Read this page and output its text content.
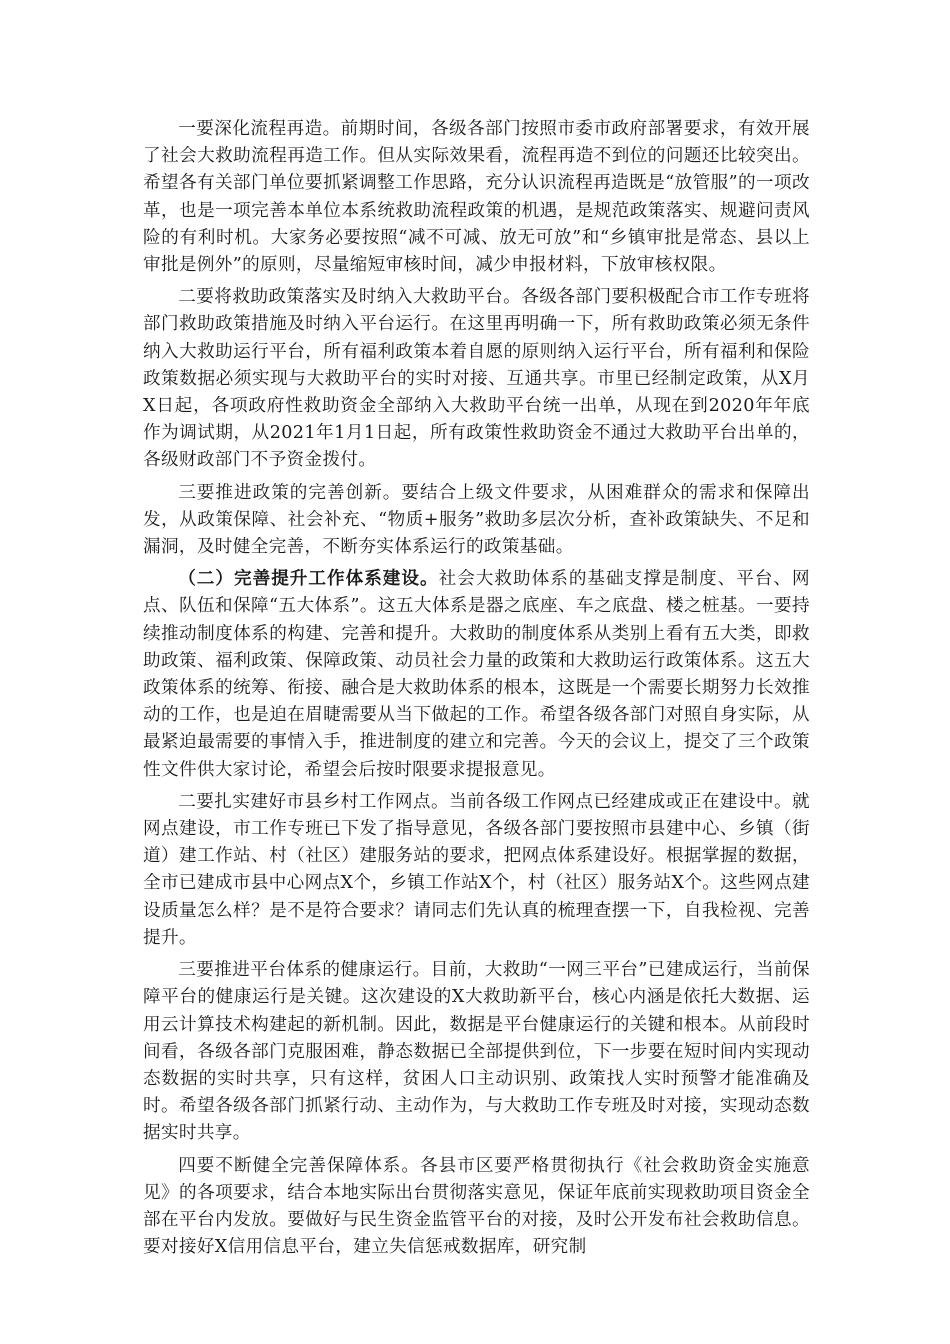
一要深化流程再造。前期时间，各级各部门按照市委市政府部署要求，有效开展了社会大救助流程再造工作。但从实际效果看，流程再造不到位的问题还比较突出。希望各有关部门单位要抓紧调整工作思路，充分认识流程再造既是“放管服”的一项改革，也是一项完善本单位本系统救助流程政策的机遇，是规范政策落实、规避问责风险的有利时机。大家务必要按照“减不可减、放无可放”和“乡镇审批是常态、县以上审批是例外”的原则，尽量缩短审核时间，减少申报材料，下放审核权限。

二要将救助政策落实及时纳入大救助平台。各级各部门要积极配合市工作专班将部门救助政策措施及时纳入平台运行。在这里再明确一下，所有救助政策必须无条件纳入大救助运行平台，所有福利政策本着自愿的原则纳入运行平台，所有福利和保险政策数据必须实现与大救助平台的实时对接、互通共享。市里已经制定政策，从X月X日起，各项政府性救助资金全部纳入大救助平台统一出单，从现在到2020年年底作为调试期，从2021年1月1日起，所有政策性救助资金不通过大救助平台出单的，各级财政部门不予资金拨付。

三要推进政策的完善创新。要结合上级文件要求，从困难群众的需求和保障出发，从政策保障、社会补充、“物质+服务”救助多层次分析，查补政策缺失、不足和漏洞，及时健全完善，不断夯实体系运行的政策基础。

（二）完善提升工作体系建设。社会大救助体系的基础支撑是制度、平台、网点、队伍和保障“五大体系”。这五大体系是器之底座、车之底盘、楼之桩基。一要持续推动制度体系的构建、完善和提升。大救助的制度体系从类别上看有五大类，即救助政策、福利政策、保障政策、动员社会力量的政策和大救助运行政策体系。这五大政策体系的统筹、衔接、融合是大救助体系的根本，这既是一个需要长期努力长效推动的工作，也是迫在眉睫需要从当下做起的工作。希望各级各部门对照自身实际，从最紧迫最需要的事情入手，推进制度的建立和完善。今天的会议上，提交了三个政策性文件供大家讨论，希望会后按时限要求提报意见。

二要扎实建好市县乡村工作网点。当前各级工作网点已经建成或正在建设中。就网点建设，市工作专班已下发了指导意见，各级各部门要按照市县建中心、乡镇（街道）建工作站、村（社区）建服务站的要求，把网点体系建设好。根据掌握的数据，全市已建成市县中心网点X个，乡镇工作站X个，村（社区）服务站X个。这些网点建设质量怎么样？是不是符合要求？请同志们先认真的梳理查摆一下，自我检视、完善提升。

三要推进平台体系的健康运行。目前，大救助“一网三平台”已建成运行，当前保障平台的健康运行是关键。这次建设的X大救助新平台，核心内涵是依托大数据、运用云计算技术构建起的新机制。因此，数据是平台健康运行的关键和根本。从前段时间看，各级各部门克服困难，静态数据已全部提供到位，下一步要在短时间内实现动态数据的实时共享，只有这样，贫困人口主动识别、政策找人实时预警才能准确及时。希望各级各部门抓紧行动、主动作为，与大救助工作专班及时对接，实现动态数据实时共享。

四要不断健全完善保障体系。各县市区要严格贯彻执行《社会救助资金实施意见》的各项要求，结合本地实际出台贯彻落实意见，保证年底前实现救助项目资金全部在平台内发放。要做好与民生资金监管平台的对接，及时公开发布社会救助信息。要对接好X信用信息平台，建立失信惩戒数据库，研究制
